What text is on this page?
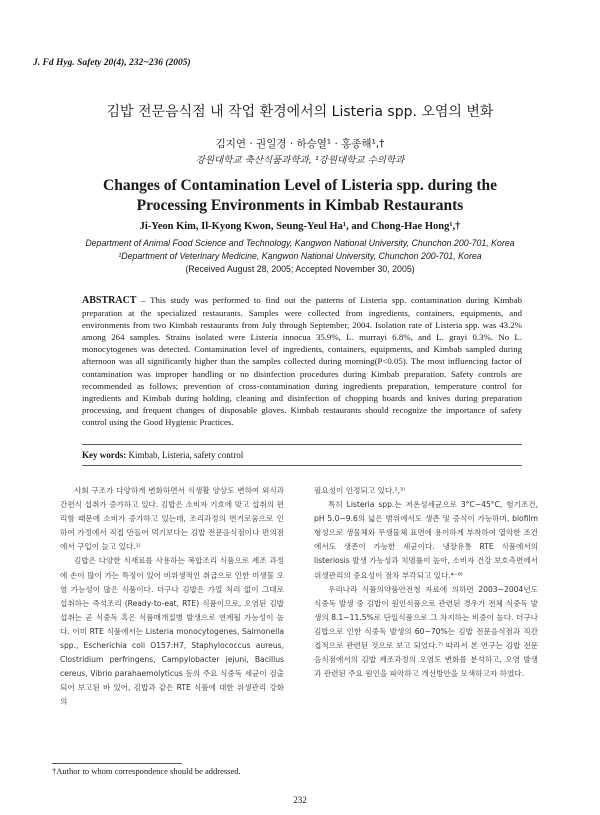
J. Fd Hyg. Safety 20(4), 232~236 (2005)
김밥 전문음식점 내 작업 환경에서의 Listeria spp. 오염의 변화
김지연 · 권일경 · 하승열¹ · 홍종해¹,†
강원대학교 축산식품과학과, ¹강원대학교 수의학과
Changes of Contamination Level of Listeria spp. during the
Processing Environments in Kimbab Restaurants
Ji-Yeon Kim, Il-Kyong Kwon, Seung-Yeul Ha¹, and Chong-Hae Hong¹,†
Department of Animal Food Science and Technology, Kangwon National University, Chunchon 200-701, Korea
¹Department of Veterinary Medicine, Kangwon National University, Chunchon 200-701, Korea
(Received August 28, 2005; Accepted November 30, 2005)
ABSTRACT – This study was performed to find out the patterns of Listeria spp. contamination during Kimbab preparation at the specialized restaurants. Samples were collected from ingredients, containers, equipments, and environments from two Kimbab restaurants from July through September, 2004. Isolation rate of Listeria spp. was 43.2% among 264 samples. Strains isolated were Listeria innocua 35.9%, L. murrayi 6.8%, and L. grayi 0.3%. No L. monocytogenes was detected. Contamination level of ingredients, containers, equipments, and Kimbab sampled during afternoon was all significantly higher than the samples collected during morning(P<0.05). The most influencing factor of contamination was improper handling or no disinfection procedures during Kimbab preparation. Safety controls are recommended as follows; prevention of cross-contamination during ingredients preparation, temperature control for ingredients and Kimbab during holding, cleaning and disinfection of chopping boards and knives during preparation processing, and frequent changes of disposable gloves. Kimbab restaurants should recognize the importance of safety control using the Good Hygienic Practices.
Key words: Kimbab, Listeria, safety control

사회 구조가 다양하게 변화하면서 식생활 양상도 변하여 외식과 간편식 섭취가 증가하고 있다. 김밥은 소비자 기호에 맞고 섭취의 편리함 때문에 소비가 증가하고 있는데, 조리과정의 번거로움으로 인하여 가정에서 직접 만들어 먹기보다는 김밥 전문음식점이나 편의점에서 구입이 늘고 있다.¹⁾

김밥은 다양한 식재료를 사용하는 복합조리 식품으로 제조 과정에 손이 많이 가는 특징이 있어 비위생적인 취급으로 인한 미생물 오염 가능성이 많은 식품이다. 더구나 김밥은 가열 처리 없이 그대로 섭취하는 즉석조리 (Ready-to-eat, RTE) 식품이므로, 오염된 김밥 섭취는 곧 식중독 혹은 식품매개질병 발생으로 연계될 가능성이 높다. 이미 RTE 식품에서는 Listeria monocytogenes, Salmonella spp., Escherichia coli O157:H7, Staphylococcus aureus, Clostridium perfringens, Campylobacter jejuni, Bacillus cereus, Vibrio parahaemolyticus 등의 주요 식중독 세균이 검출되어 보고된 바 있어, 김밥과 같은 RTE 식품에 대한 위생관리 강화의

필요성이 인정되고 있다.²,³⁾

특히 Listeria spp.는 저온성세균으로 3°C~45°C, 험기조건, pH 5.0~9.6의 넓은 범위에서도 생존 및 증식이 가능하며, biofilm 형성으로 생물체와 무생물체 표면에 용이하게 부착하여 열악한 조건에서도 생존이 가능한 세균이다. 냉장유통 RTE 식품에서의 listeriosis 발생 가능성과 치명률이 높아, 소비자 건강 보호측면에서 위생관리의 중요성이 점차 부각되고 있다.⁴⁻⁶⁾

우리나라 식품의약품안전청 자료에 의하면 2003~2004년도 식중독 발생 중 김밥이 원인식품으로 관련된 경우가 전체 식중독 발생의 8.1~11.5%로 단일식품으로 그 차지하는 비중이 높다. 더구나 김밥으로 인한 식중독 발생의 60~70%는 김밥 전문음식점과 직간접적으로 관련된 것으로 보고 되었다.⁷⁾ 따라서 본 연구는 김밥 전문음식점에서의 김밥 제조과정의 오염도 변화를 분석하고, 오염 발생과 관련된 주요 원인을 파악하고 개선방안을 모색하고자 하였다.

†Author to whom correspondence should be addressed.
232
